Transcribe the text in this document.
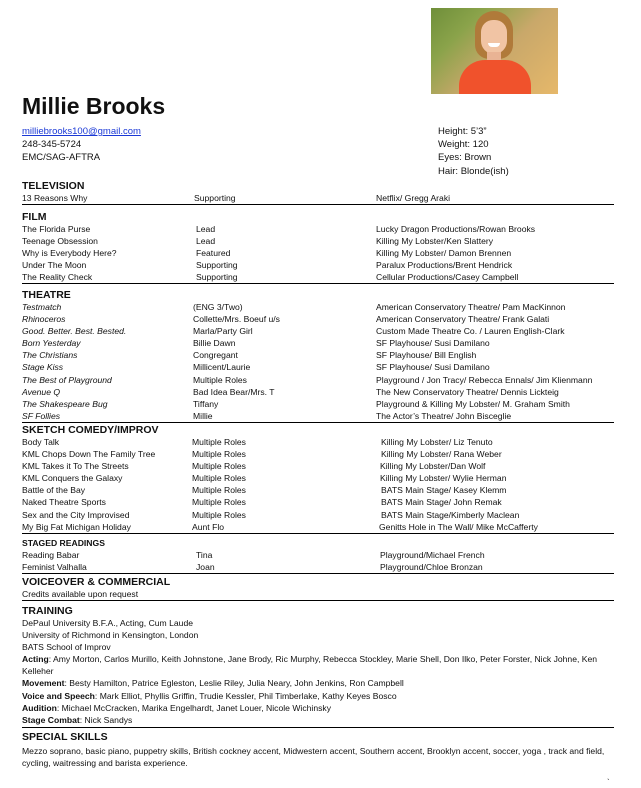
Millie Brooks
milliebrooks100@gmail.com
248-345-5724
EMC/SAG-AFTRA
Height: 5’3”
Weight: 120
Eyes: Brown
Hair: Blonde(ish)
TELEVISION
13 Reasons Why	Supporting	Netflix/ Gregg Araki
FILM
The Florida Purse	Lead	Lucky Dragon Productions/Rowan Brooks
Teenage Obsession	Lead	Killing My Lobster/Ken Slattery
Why is Everybody Here?	Featured	Killing My Lobster/ Damon Brennen
Under The Moon	Supporting	Paralux Productions/Brent Hendrick
The Reality Check	Supporting	Cellular Productions/Casey Campbell
THEATRE
Testmatch	(ENG 3/Two)	American Conservatory Theatre/ Pam MacKinnon
Rhinoceros	Collette/Mrs. Boeuf u/s	American Conservatory Theatre/ Frank Galati
Good. Better. Best. Bested.	Marla/Party Girl	Custom Made Theatre Co. / Lauren English-Clark
Born Yesterday	Billie Dawn	SF Playhouse/ Susi Damilano
The Christians	Congregant	SF Playhouse/ Bill English
Stage Kiss	Millicent/Laurie	SF Playhouse/ Susi Damilano
The Best of Playground	Multiple Roles	Playground / Jon Tracy/ Rebecca Ennals/ Jim Klienmann
Avenue Q	Bad Idea Bear/Mrs. T	The New Conservatory Theatre/ Dennis Lickteig
The Shakespeare Bug	Tiffany	Playground & Killing My Lobster/ M. Graham Smith
SF Follies	Millie	The Actor’s Theatre/ John Bisceglie
SKETCH COMEDY/IMPROV
Body Talk	Multiple Roles	Killing My Lobster/ Liz Tenuto
KML Chops Down The Family Tree	Multiple Roles	Killing My Lobster/ Rana Weber
KML Takes it To The Streets	Multiple Roles	Killing My Lobster/Dan Wolf
KML Conquers the Galaxy	Multiple Roles	Killing My Lobster/ Wylie Herman
Battle of the Bay	Multiple Roles	BATS Main Stage/ Kasey Klemm
Naked Theatre Sports	Multiple Roles	BATS Main Stage/ John Remak
Sex and the City Improvised	Multiple Roles	BATS Main Stage/Kimberly Maclean
My Big Fat Michigan Holiday	Aunt Flo	Genitts Hole in The Wall/ Mike McCafferty
STAGED READINGS
Reading Babar	Tina	Playground/Michael French
Feminist Valhalla	Joan	Playground/Chloe Bronzan
VOICEOVER & COMMERCIAL
Credits available upon request
TRAINING
DePaul University B.F.A., Acting, Cum Laude
University of Richmond in Kensington, London
BATS School of Improv
Acting: Amy Morton, Carlos Murillo, Keith Johnstone, Jane Brody, Ric Murphy, Rebecca Stockley, Marie Shell, Don Ilko, Peter Forster, Nick Johne, Ken Kelleher
Movement: Besty Hamilton, Patrice Egleston, Leslie Riley, Julia Neary, John Jenkins, Ron Campbell
Voice and Speech: Mark Elliot, Phyllis Griffin, Trudie Kessler, Phil Timberlake, Kathy Keyes Bosco
Audition: Michael McCracken, Marika Engelhardt, Janet Louer, Nicole Wichinsky
Stage Combat: Nick Sandys
SPECIAL SKILLS
Mezzo soprano, basic piano, puppetry skills, British cockney accent, Midwestern accent, Southern accent, Brooklyn accent, soccer, yoga , track and field, cycling, waitressing and barista experience.
`
